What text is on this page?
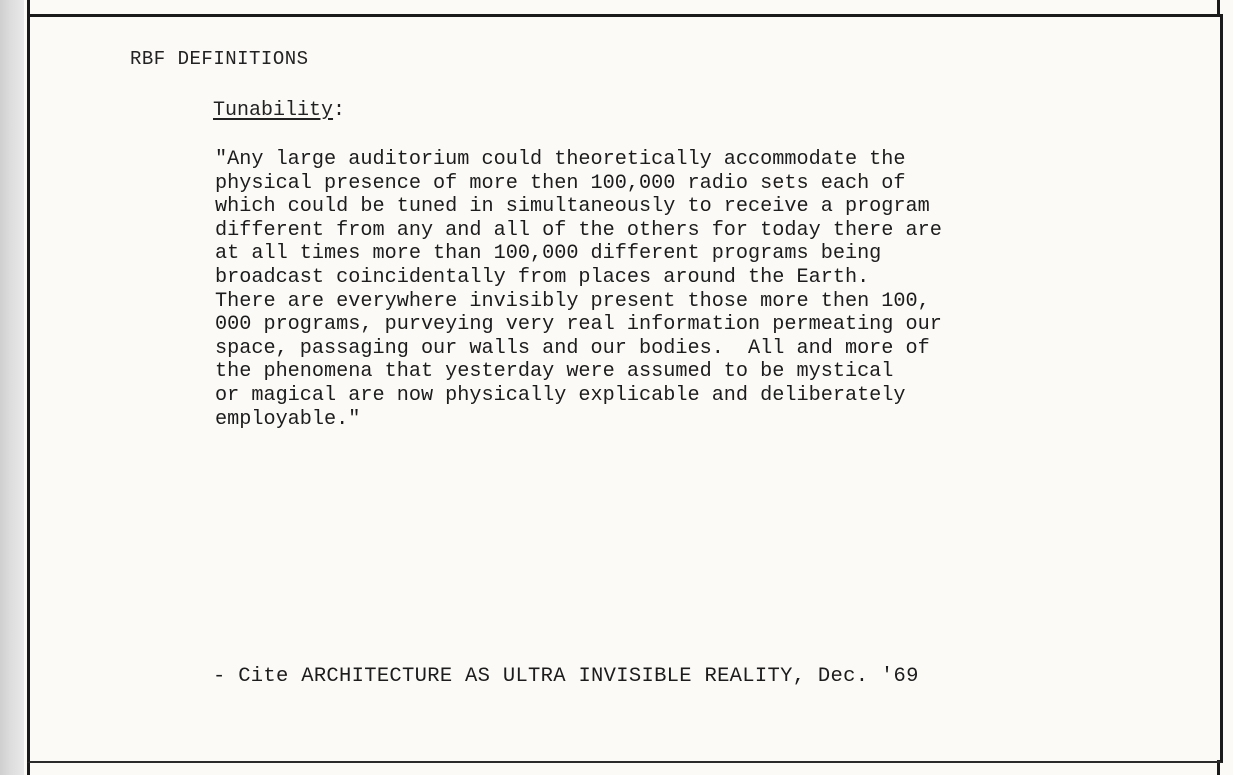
RBF DEFINITIONS
Tunability:
"Any large auditorium could theoretically accommodate the
physical presence of more then 100,000 radio sets each of
which could be tuned in simultaneously to receive a program
different from any and all of the others for today there are
at all times more than 100,000 different programs being
broadcast coincidentally from places around the Earth.
There are everywhere invisibly present those more then 100,
000 programs, purveying very real information permeating our
space, passaging our walls and our bodies.  All and more of
the phenomena that yesterday were assumed to be mystical
or magical are now physically explicable and deliberately
employable."
- Cite ARCHITECTURE AS ULTRA INVISIBLE REALITY, Dec. '69
